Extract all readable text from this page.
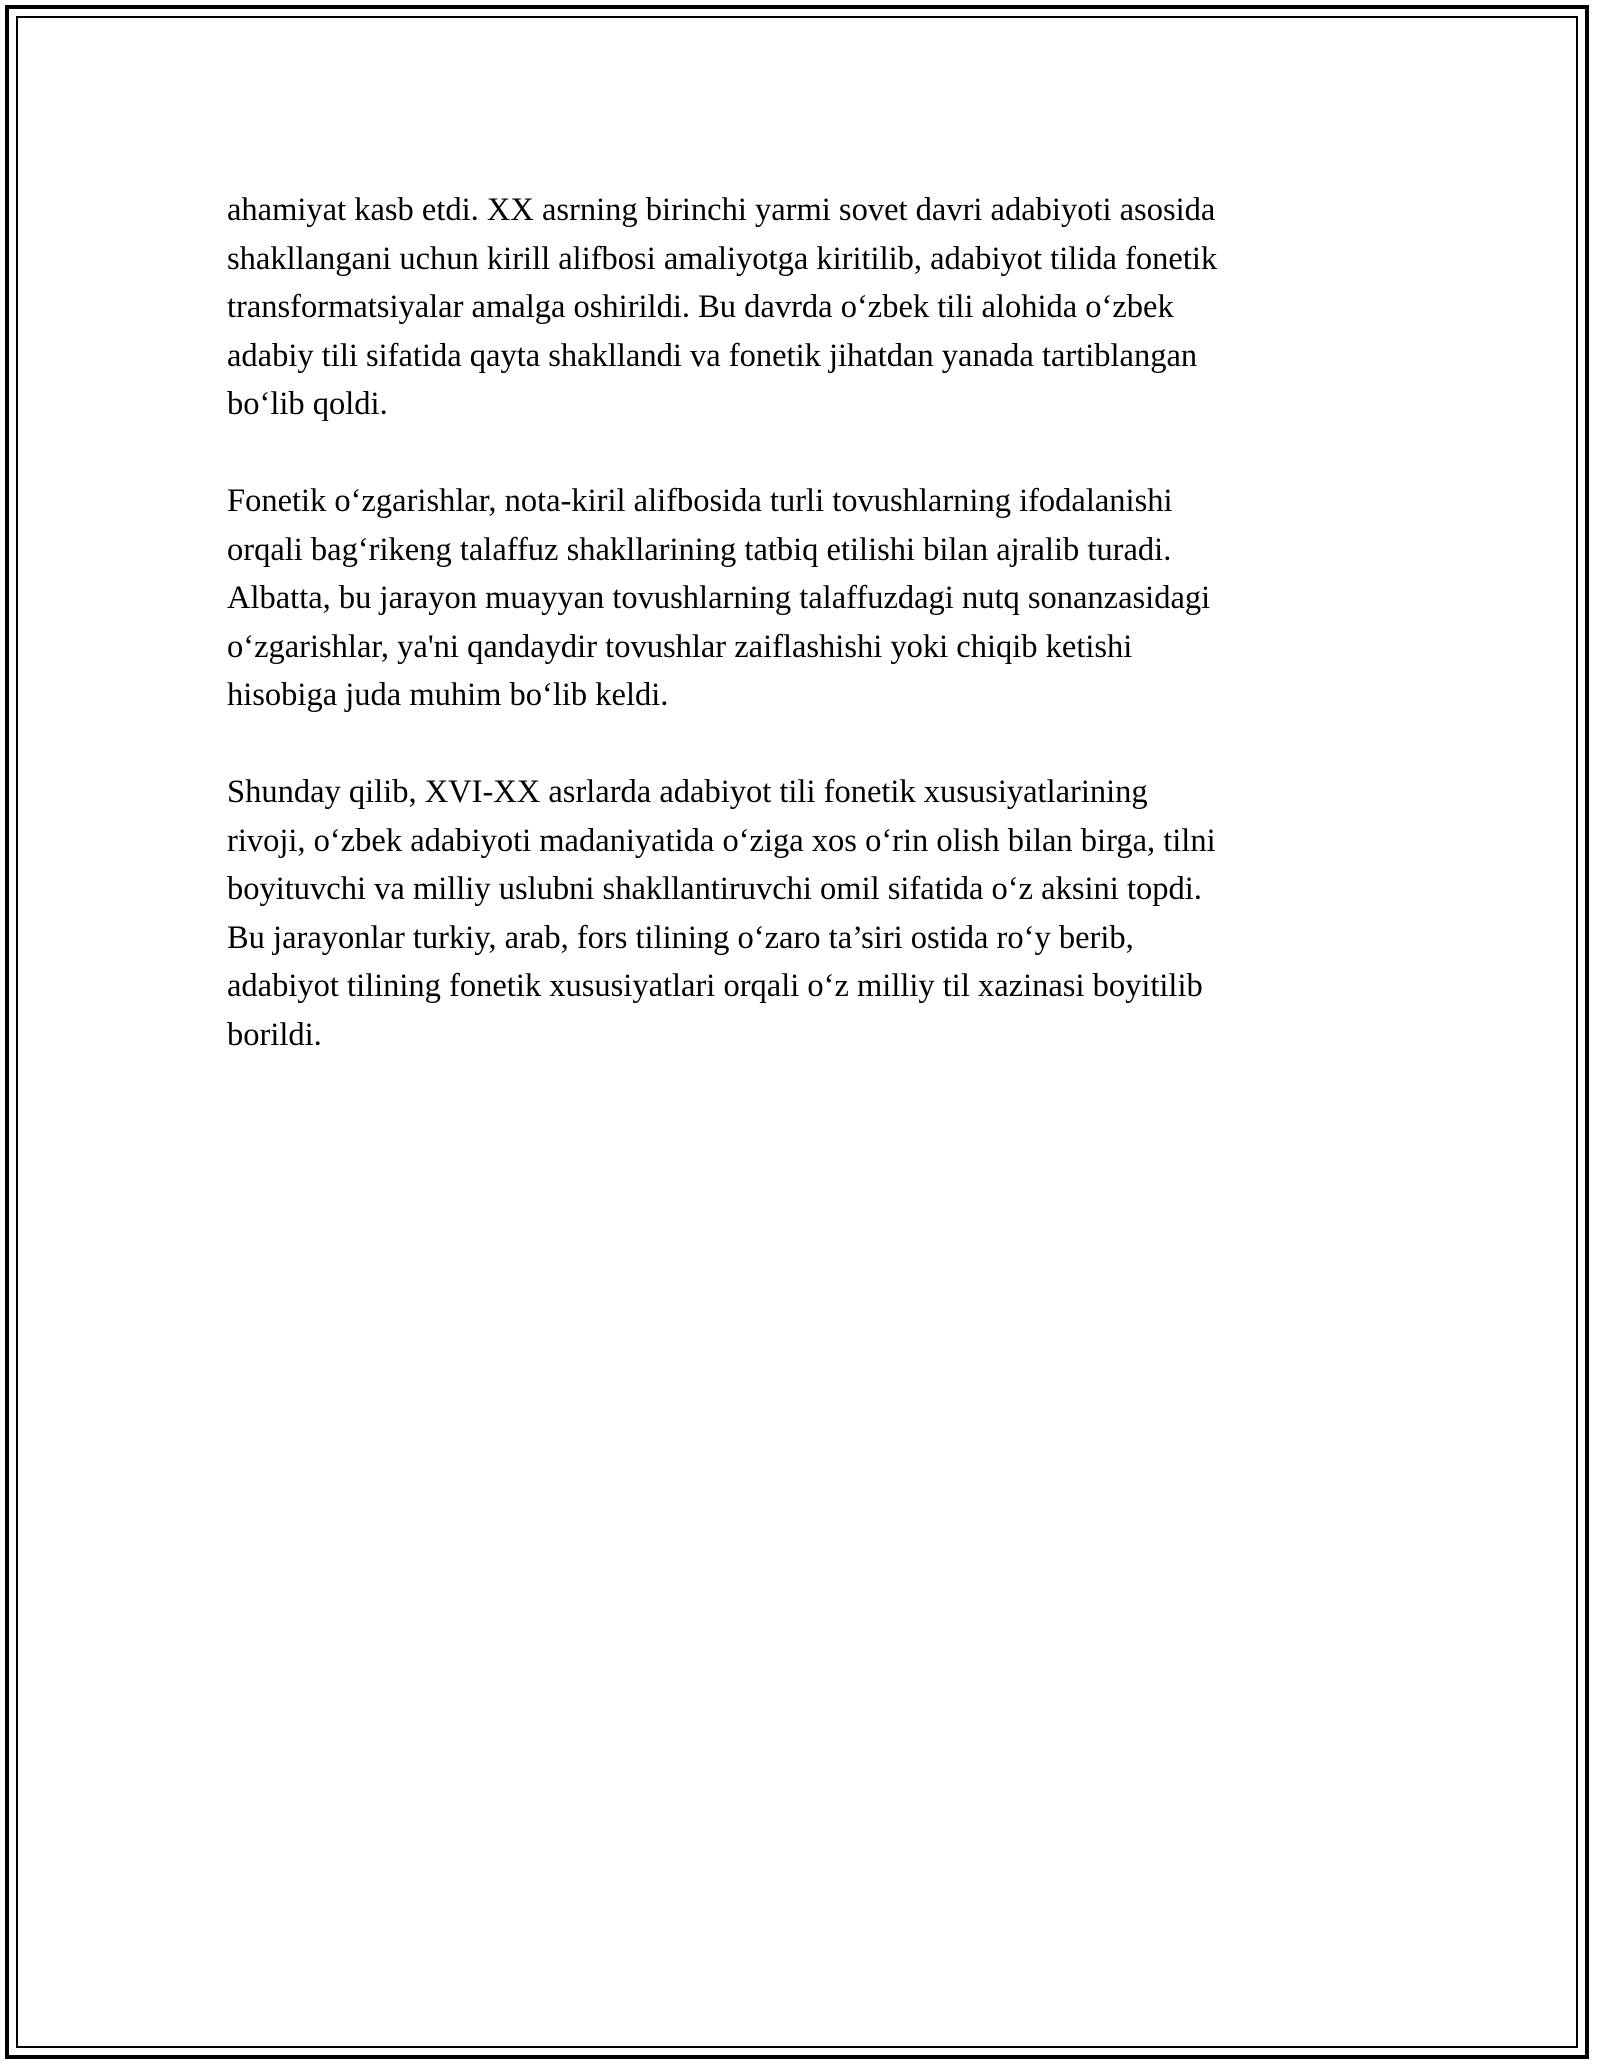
ahamiyat kasb etdi. XX asrning birinchi yarmi sovet davri adabiyoti asosida
shakllangani uchun kirill alifbosi amaliyotga kiritilib, adabiyot tilida fonetik
transformatsiyalar amalga oshirildi. Bu davrda o‘zbek tili alohida o‘zbek
adabiy tili sifatida qayta shakllandi va fonetik jihatdan yanada tartiblangan
bo‘lib qoldi.

Fonetik o‘zgarishlar, nota-kiril alifbosida turli tovushlarning ifodalanishi
orqali bag‘rikeng talaffuz shakllarining tatbiq etilishi bilan ajralib turadi.
Albatta, bu jarayon muayyan tovushlarning talaffuzdagi nutq sonanzasidagi
o‘zgarishlar, ya'ni qandaydir tovushlar zaiflashishi yoki chiqib ketishi
hisobiga juda muhim bo‘lib keldi.

Shunday qilib, XVI-XX asrlarda adabiyot tili fonetik xususiyatlarining
rivoji, o‘zbek adabiyoti madaniyatida o‘ziga xos o‘rin olish bilan birga, tilni
boyituvchi va milliy uslubni shakllantiruvchi omil sifatida o‘z aksini topdi.
Bu jarayonlar turkiy, arab, fors tilining o‘zaro ta’siri ostida ro‘y berib,
adabiyot tilining fonetik xususiyatlari orqali o‘z milliy til xazinasi boyitilib
borildi.
